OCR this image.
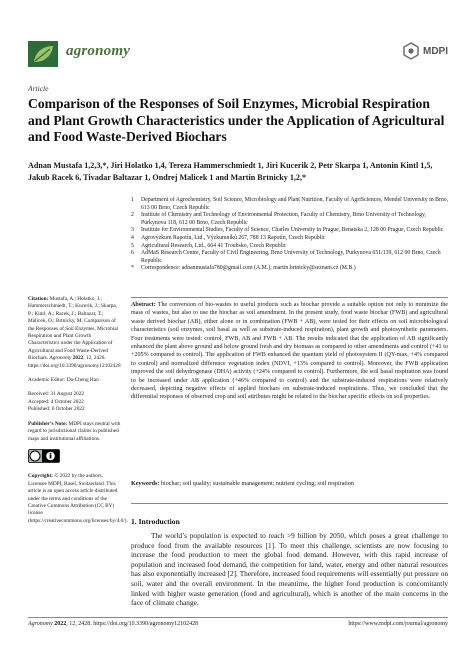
agronomy	MDPI
Article
Comparison of the Responses of Soil Enzymes, Microbial Respiration and Plant Growth Characteristics under the Application of Agricultural and Food Waste-Derived Biochars
Adnan Mustafa 1,2,3,*, Jiri Holatko 1,4, Tereza Hammerschmiedt 1, Jiri Kucerik 2, Petr Skarpa 1, Antonin Kintl 1,5, Jakub Racek 6, Tivadar Baltazar 1, Ondrej Malicek 1 and Martin Brtnicky 1,2,*
1	Department of Agrochemistry, Soil Science, Microbiology and Plant Nutrition, Faculty of AgriSciences, Mendel University in Brno, 613 00 Brno, Czech Republic
2	Institute of Chemistry and Technology of Environmental Protection, Faculty of Chemistry, Brno University of Technology, Purkynova 118, 612 00 Brno, Czech Republic
3	Institute for Environmental Studies, Faculty of Science, Charles University in Prague, Benatska 2, 128 00 Prague, Czech Republic
4	Agrovýzkum Rapotín, Ltd., Výzkumníků 267, 788 13 Rapotín, Czech Republic
5	Agricultural Research, Ltd., 664 41 Troubsko, Czech Republic
6	AdMaS Research Centre, Faculty of Civil Engineering, Brno University of Technology, Purkynova 651/139, 612 00 Brno, Czech Republic
*	Correspondence: adnanmustafa780@gmail.com (A.M.); martin.brtnicky@seznam.cz (M.B.)
Abstract: The conversion of bio-wastes to useful products such as biochar provide a suitable option not only to minimize the mass of wastes, but also to use the biochar as soil amendment. In the present study, food waste biochar (FWB) and agricultural waste derived biochar (AB), either alone or in combination (FWB + AB), were tested for their effects on soil microbiological characteristics (soil enzymes, soil basal as well as substrate-induced respiration), plant growth and photosynthetic parameters. Four treatments were tested: control, FWB, AB and FWB + AB. The results indicated that the application of AB significantly enhanced the plant above ground and below ground fresh and dry biomass as compared to other amendments and control (+41 to +205% compared to control). The application of FWB enhanced the quantum yield of photosystem II (QY-max, +4% compared to control) and normalized difference vegetation index (NDVI, +13% compared to control). Moreover, the FWB application improved the soil dehydrogenase (DHA) activity (+24% compared to control). Furthermore, the soil basal respiration was found to be increased under AB application (+46% compared to control) and the substrate-induced respirations were relatively decreased, depicting negative effects of applied biochars on substrate-induced respirations. Thus, we concluded that the differential responses of observed crop and soil attributes might be related to the biochar specific effects on soil properties.
Keywords: biochar; soil quality; sustainable management; nutrient cycling; soil respiration
1. Introduction
The world’s population is expected to reach >9 billion by 2050, which poses a great challenge to produce food from the available resources [1]. To meet this challenge, scientists are now focusing to increase the food production to meet the global food demand. However, with this rapid increase of population and increased food demand, the competition for land, water, energy and other natural resources has also exponentially increased [2]. Therefore, increased food requirements will essentially put pressure on soil, water and the overall environment. In the meantime, the higher food production is concomitantly linked with higher waste generation (food and agricultural), which is another of the main concerns in the face of climate change.

Citation: Mustafa, A.; Holatko, J.; Hammerschmiedt, T.; Kucerik, J.; Skarpa, P.; Kintl, A.; Racek, J.; Baltazar, T.; Malicek, O.; Brtnicky, M. Comparison of the Responses of Soil Enzymes, Microbial Respiration and Plant Growth Characteristics under the Application of Agricultural and Food Waste-Derived Biochars. Agronomy 2022, 12, 2428. https://doi.org/10.3390/agronomy12102428

Academic Editor: Da-Cheng Hao

Received: 31 August 2022

Accepted: 4 October 2022

Published: 6 October 2022

Publisher’s Note: MDPI stays neutral with regard to jurisdictional claims in published maps and institutional affiliations.

Copyright: © 2022 by the authors. Licensee MDPI, Basel, Switzerland. This article is an open access article distributed under the terms and conditions of the Creative Commons Attribution (CC BY) license (https://creativecommons.org/licenses/by/4.0/).

Agronomy 2022, 12, 2428. https://doi.org/10.3390/agronomy12102428	https://www.mdpi.com/journal/agronomy
